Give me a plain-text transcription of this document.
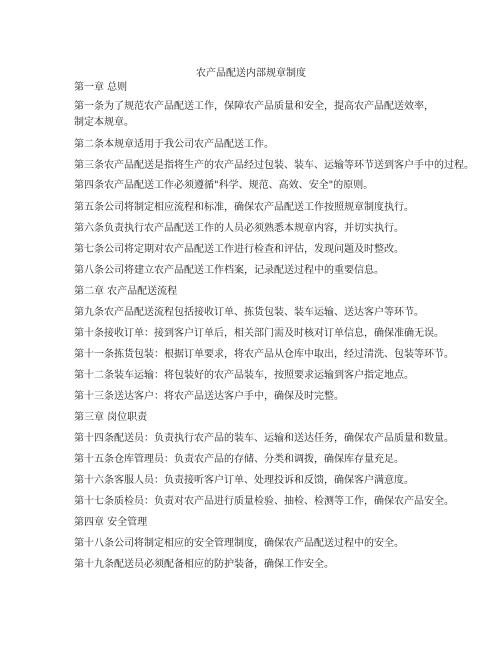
农产品配送内部规章制度
第一章 总则
第一条为了规范农产品配送工作，保障农产品质量和安全，提高农产品配送效率，制定本规章。
第二条本规章适用于我公司农产品配送工作。
第三条农产品配送是指将生产的农产品经过包装、装车、运输等环节送到客户手中的过程。
第四条农产品配送工作必须遵循"科学、规范、高效、安全"的原则。
第五条公司将制定相应流程和标准，确保农产品配送工作按照规章制度执行。
第六条负责执行农产品配送工作的人员必须熟悉本规章内容，并切实执行。
第七条公司将定期对农产品配送工作进行检查和评估，发现问题及时整改。
第八条公司将建立农产品配送工作档案，记录配送过程中的重要信息。
第二章 农产品配送流程
第九条农产品配送流程包括接收订单、拣货包装、装车运输、送达客户等环节。
第十条接收订单：接到客户订单后，相关部门需及时核对订单信息，确保准确无误。
第十一条拣货包装：根据订单要求，将农产品从仓库中取出，经过清洗、包装等环节。
第十二条装车运输：将包装好的农产品装车，按照要求运输到客户指定地点。
第十三条送达客户：将农产品送达客户手中，确保及时完整。
第三章 岗位职责
第十四条配送员：负责执行农产品的装车、运输和送达任务，确保农产品质量和数量。
第十五条仓库管理员：负责农产品的存储、分类和调拨，确保库存量充足。
第十六条客服人员：负责接听客户订单、处理投诉和反馈，确保客户满意度。
第十七条质检员：负责对农产品进行质量检验、抽检、检测等工作，确保农产品安全。
第四章 安全管理
第十八条公司将制定相应的安全管理制度，确保农产品配送过程中的安全。
第十九条配送员必须配备相应的防护装备，确保工作安全。
